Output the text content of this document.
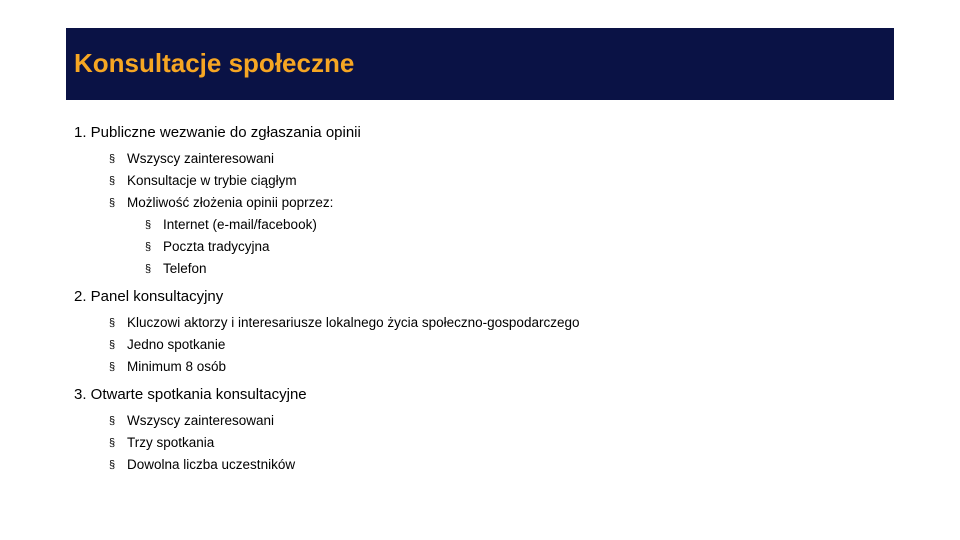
Konsultacje społeczne
1. Publiczne wezwanie do zgłaszania opinii
§ Wszyscy zainteresowani
§ Konsultacje w trybie ciągłym
§ Możliwość złożenia opinii poprzez:
§ Internet (e-mail/facebook)
§ Poczta tradycyjna
§ Telefon
2. Panel konsultacyjny
§ Kluczowi aktorzy i interesariusze lokalnego życia społeczno-gospodarczego
§ Jedno spotkanie
§ Minimum 8 osób
3. Otwarte spotkania konsultacyjne
§ Wszyscy zainteresowani
§ Trzy spotkania
§ Dowolna liczba uczestników
